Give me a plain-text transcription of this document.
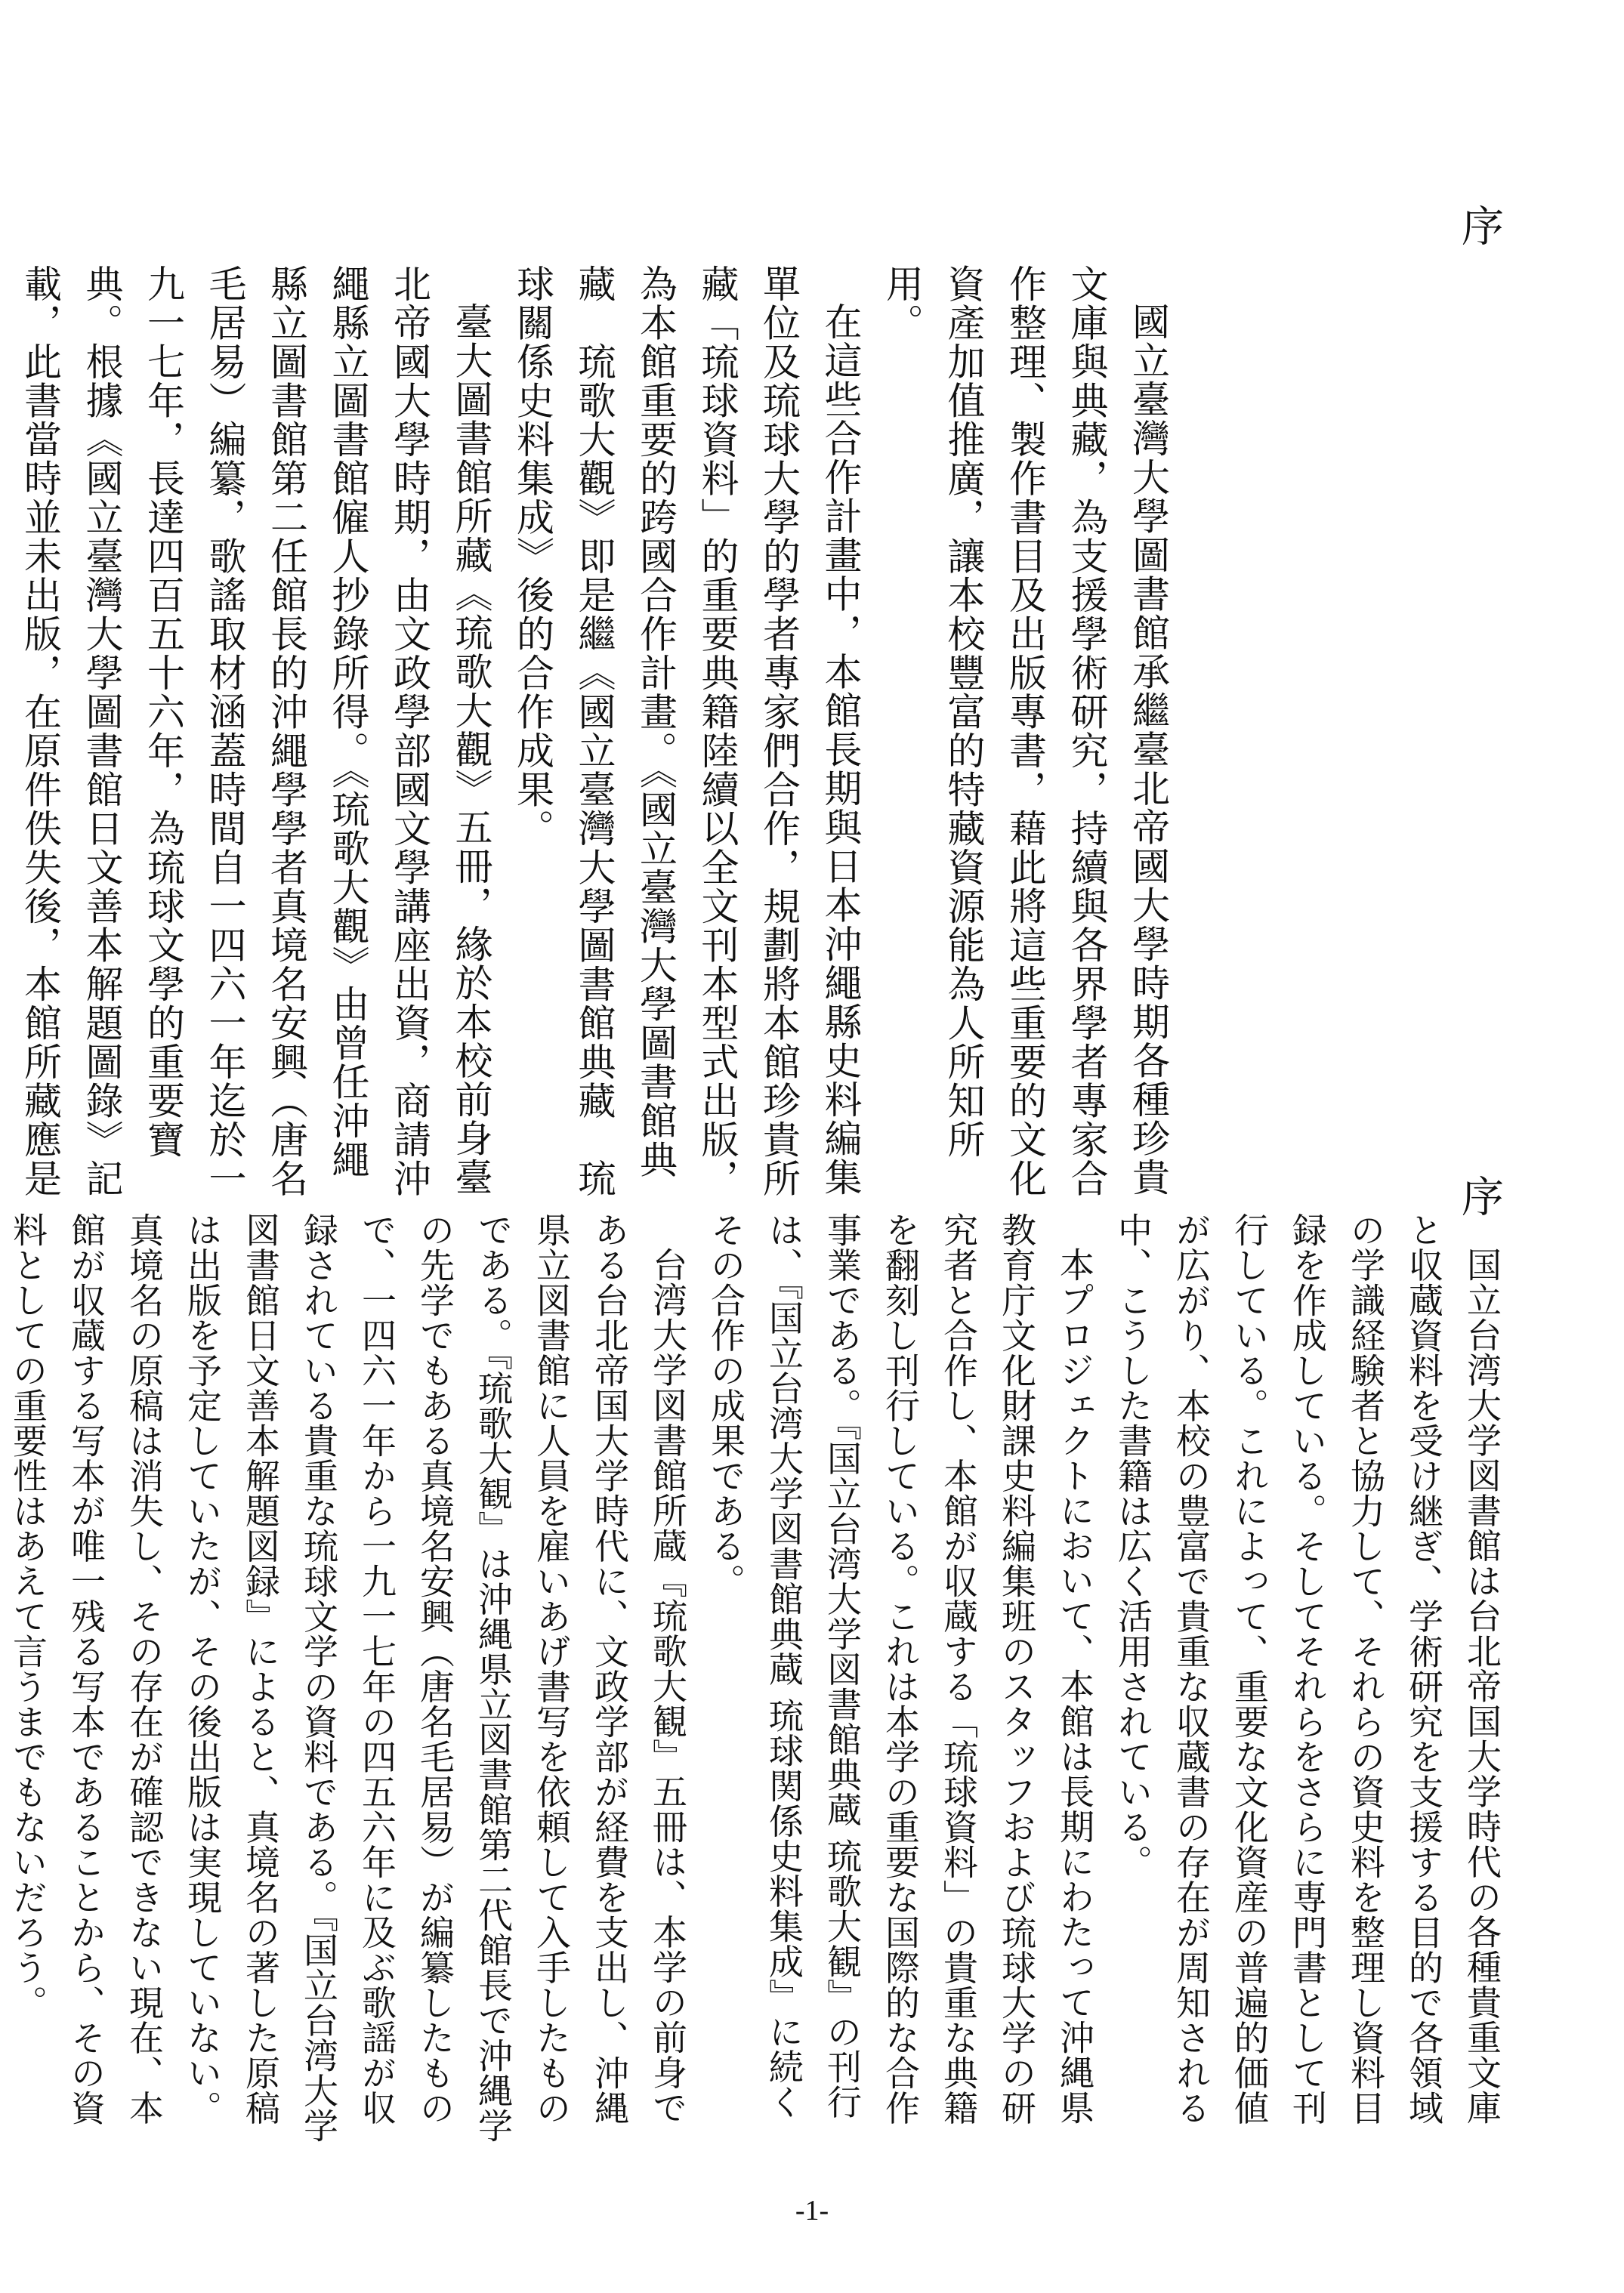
序

國立臺灣大學圖書館承繼臺北帝國大學時期各種珍貴文庫與典藏，為支援學術研究，持續與各界學者專家合作整理、製作書目及出版專書，藉此將這些重要的文化資產加值推廣，讓本校豐富的特藏資源能為人所知所用。

在這些合作計畫中，本館長期與日本沖繩縣史料編集單位及琉球大學的學者專家們合作，規劃將本館珍貴所藏「琉球資料」的重要典籍陸續以全文刊本型式出版，為本館重要的跨國合作計畫。《國立臺灣大學圖書館典藏　琉歌大觀》即是繼《國立臺灣大學圖書館典藏　琉球關係史料集成》後的合作成果。

臺大圖書館所藏《琉歌大觀》五冊，緣於本校前身臺北帝國大學時期，由文政學部國文學講座出資，商請沖繩縣立圖書館僱人抄錄所得。《琉歌大觀》由曾任沖繩縣立圖書館第二任館長的沖繩學學者真境名安興（唐名毛居易）編纂，歌謠取材涵蓋時間自一四六一年迄於一九一七年，長達四百五十六年，為琉球文學的重要寶典。根據《國立臺灣大學圖書館日文善本解題圖錄》記載，此書當時並未出版，在原件佚失後，本館所藏應是	序

国立台湾大学図書館は台北帝国大学時代の各種貴重文庫と収蔵資料を受け継ぎ、学術研究を支援する目的で各領域の学識経験者と協力して、それらの資史料を整理し資料目録を作成している。そしてそれらをさらに専門書として刊行している。これによって、重要な文化資産の普遍的価値が広がり、本校の豊富で貴重な収蔵書の存在が周知される中、こうした書籍は広く活用されている。

本プロジェクトにおいて、本館は長期にわたって沖縄県教育庁文化財課史料編集班のスタッフおよび琉球大学の研究者と合作し、本館が収蔵する「琉球資料」の貴重な典籍を翻刻し刊行している。これは本学の重要な国際的な合作事業である。『国立台湾大学図書館典蔵 琉歌大観』の刊行は、『国立台湾大学図書館典蔵 琉球関係史料集成』に続くその合作の成果である。

台湾大学図書館所蔵『琉歌大観』五冊は、本学の前身である台北帝国大学時代に、文政学部が経費を支出し、沖縄県立図書館に人員を雇いあげ書写を依頼して入手したものである。『琉歌大観』は沖縄県立図書館第二代館長で沖縄学の先学でもある真境名安興（唐名毛居易）が編纂したもので、一四六一年から一九一七年の四五六年に及ぶ歌謡が収録されている貴重な琉球文学の資料である。『国立台湾大学図書館日文善本解題図録』によると、真境名の著した原稿は出版を予定していたが、その後出版は実現していない。真境名の原稿は消失し、その存在が確認できない現在、本館が収蔵する写本が唯一残る写本であることから、その資料としての重要性はあえて言うまでもないだろう。

-1-
